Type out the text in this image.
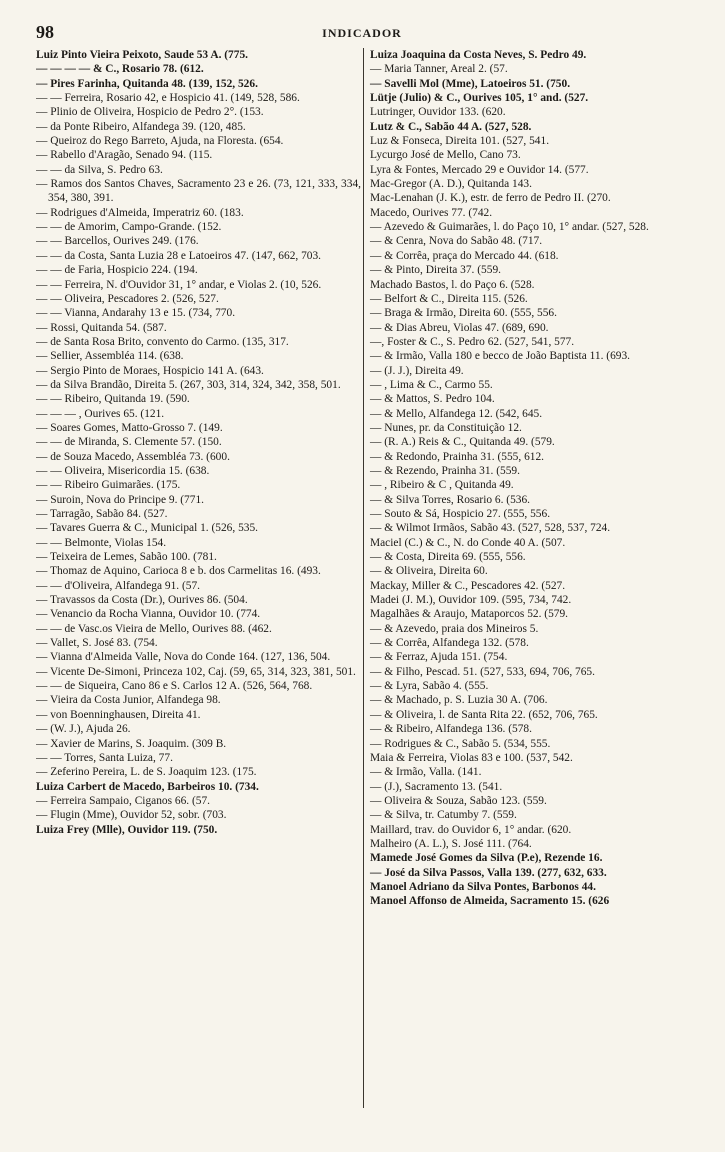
98	INDICADOR

Luiz Pinto Vieira Peixoto, Saude 53 A. (775.

— — — — & C., Rosario 78. (612.

— Pires Farinha, Quitanda 48. (139, 152, 526.

— — Ferreira, Rosario 42, e Hospicio 41. (149, 528, 586.

— Plinio de Oliveira, Hospicio de Pedro 2°. (153.

— da Ponte Ribeiro, Alfandega 39. (120, 485.

— Queiroz do Rego Barreto, Ajuda, na Floresta. (654.

— Rabello d'Aragão, Senado 94. (115.

— — da Silva, S. Pedro 63.

— Ramos dos Santos Chaves, Sacramento 23 e 26. (73, 121, 333, 334, 354, 380, 391.

— Rodrigues d'Almeida, Imperatriz 60. (183.

— — de Amorim, Campo-Grande. (152.

— — Barcellos, Ourives 249. (176.

— — da Costa, Santa Luzia 28 e Latoeiros 47. (147, 662, 703.

— — de Faria, Hospicio 224. (194.

— — Ferreira, N. d'Ouvidor 31, 1° andar, e Violas 2. (10, 526.

— — Oliveira, Pescadores 2. (526, 527.

— — Vianna, Andarahy 13 e 15. (734, 770.

— Rossi, Quitanda 54. (587.

— de Santa Rosa Brito, convento do Carmo. (135, 317.

— Sellier, Assembléa 114. (638.

— Sergio Pinto de Moraes, Hospicio 141 A. (643.

— da Silva Brandão, Direita 5. (267, 303, 314, 324, 342, 358, 501.

— — Ribeiro, Quitanda 19. (590.

— — — , Ourives 65. (121.

— Soares Gomes, Matto-Grosso 7. (149.

— — de Miranda, S. Clemente 57. (150.

— de Souza Macedo, Assembléa 73. (600.

— — Oliveira, Misericordia 15. (638.

— — Ribeiro Guimarães. (175.

— Suroin, Nova do Principe 9. (771.

— Tarragão, Sabão 84. (527.

— Tavares Guerra & C., Municipal 1. (526, 535.

— — Belmonte, Violas 154.

— Teixeira de Lemes, Sabão 100. (781.

— Thomaz de Aquino, Carioca 8 e b. dos Carmelitas 16. (493.

— — d'Oliveira, Alfandega 91. (57.

— Travassos da Costa (Dr.), Ourives 86. (504.

— Venancio da Rocha Vianna, Ouvidor 10. (774.

— — de Vasc.os Vieira de Mello, Ourives 88. (462.

— Vallet, S. José 83. (754.

— Vianna d'Almeida Valle, Nova do Conde 164. (127, 136, 504.

— Vicente De-Simoni, Princeza 102, Caj. (59, 65, 314, 323, 381, 501.

— — de Siqueira, Cano 86 e S. Carlos 12 A. (526, 564, 768.

— Vieira da Costa Junior, Alfandega 98.

— von Boenninghausen, Direita 41.

— (W. J.), Ajuda 26.

— Xavier de Marins, S. Joaquim. (309 B.

— — Torres, Santa Luiza, 77.

— Zeferino Pereira, L. de S. Joaquim 123. (175.

Luiza Carbert de Macedo, Barbeiros 10. (734.

— Ferreira Sampaio, Ciganos 66. (57.

— Flugin (Mme), Ouvidor 52, sobr. (703.

Luiza Frey (Mlle), Ouvidor 119. (750.

Luiza Joaquina da Costa Neves, S. Pedro 49.

— Maria Tanner, Areal 2. (57.

— Savelli Mol (Mme), Latoeiros 51. (750.

Lütje (Julio) & C., Ourives 105, 1° and. (527.

Lutringer, Ouvidor 133. (620.

Lutz & C., Sabão 44 A. (527, 528.

Luz & Fonseca, Direita 101. (527, 541.

Lycurgo José de Mello, Cano 73.

Lyra & Fontes, Mercado 29 e Ouvidor 14. (577.

Mac-Gregor (A. D.), Quitanda 143.

Mac-Lenahan (J. K.), estr. de ferro de Pedro II. (270.

Macedo, Ourives 77. (742.

— Azevedo & Guimarães, l. do Paço 10, 1° andar. (527, 528.

— & Cenra, Nova do Sabão 48. (717.

— & Corrêa, praça do Mercado 44. (618.

— & Pinto, Direita 37. (559.

Machado Bastos, l. do Paço 6. (528.

— Belfort & C., Direita 115. (526.

— Braga & Irmão, Direita 60. (555, 556.

— & Dias Abreu, Violas 47. (689, 690.

—, Foster & C., S. Pedro 62. (527, 541, 577.

— & Irmão, Valla 180 e becco de João Baptista 11. (693.

— (J. J.), Direita 49.

— , Lima & C., Carmo 55.

— & Mattos, S. Pedro 104.

— & Mello, Alfandega 12. (542, 645.

— Nunes, pr. da Constituição 12.

— (R. A.) Reis & C., Quitanda 49. (579.

— & Redondo, Prainha 31. (555, 612.

— & Rezendo, Prainha 31. (559.

— , Ribeiro & C , Quitanda 49.

— & Silva Torres, Rosario 6. (536.

— Souto & Sá, Hospicio 27. (555, 556.

— & Wilmot Irmãos, Sabão 43. (527, 528, 537, 724.

Maciel (C.) & C., N. do Conde 40 A. (507.

— & Costa, Direita 69. (555, 556.

— & Oliveira, Direita 60.

Mackay, Miller & C., Pescadores 42. (527.

Madei (J. M.), Ouvidor 109. (595, 734, 742.

Magalhães & Araujo, Mataporcos 52. (579.

— & Azevedo, praia dos Mineiros 5.

— & Corrêa, Alfandega 132. (578.

— & Ferraz, Ajuda 151. (754.

— & Filho, Pescad. 51. (527, 533, 694, 706, 765.

— & Lyra, Sabão 4. (555.

— & Machado, p. S. Luzia 30 A. (706.

— & Oliveira, l. de Santa Rita 22. (652, 706, 765.

— & Ribeiro, Alfandega 136. (578.

— Rodrigues & C., Sabão 5. (534, 555.

Maia & Ferreira, Violas 83 e 100. (537, 542.

— & Irmão, Valla. (141.

— (J.), Sacramento 13. (541.

— Oliveira & Souza, Sabão 123. (559.

— & Silva, tr. Catumby 7. (559.

Maillard, trav. do Ouvidor 6, 1° andar. (620.

Malheiro (A. L.), S. José 111. (764.

Mamede José Gomes da Silva (P.e), Rezende 16.

— José da Silva Passos, Valla 139. (277, 632, 633.

Manoel Adriano da Silva Pontes, Barbonos 44.

Manoel Affonso de Almeida, Sacramento 15. (626
